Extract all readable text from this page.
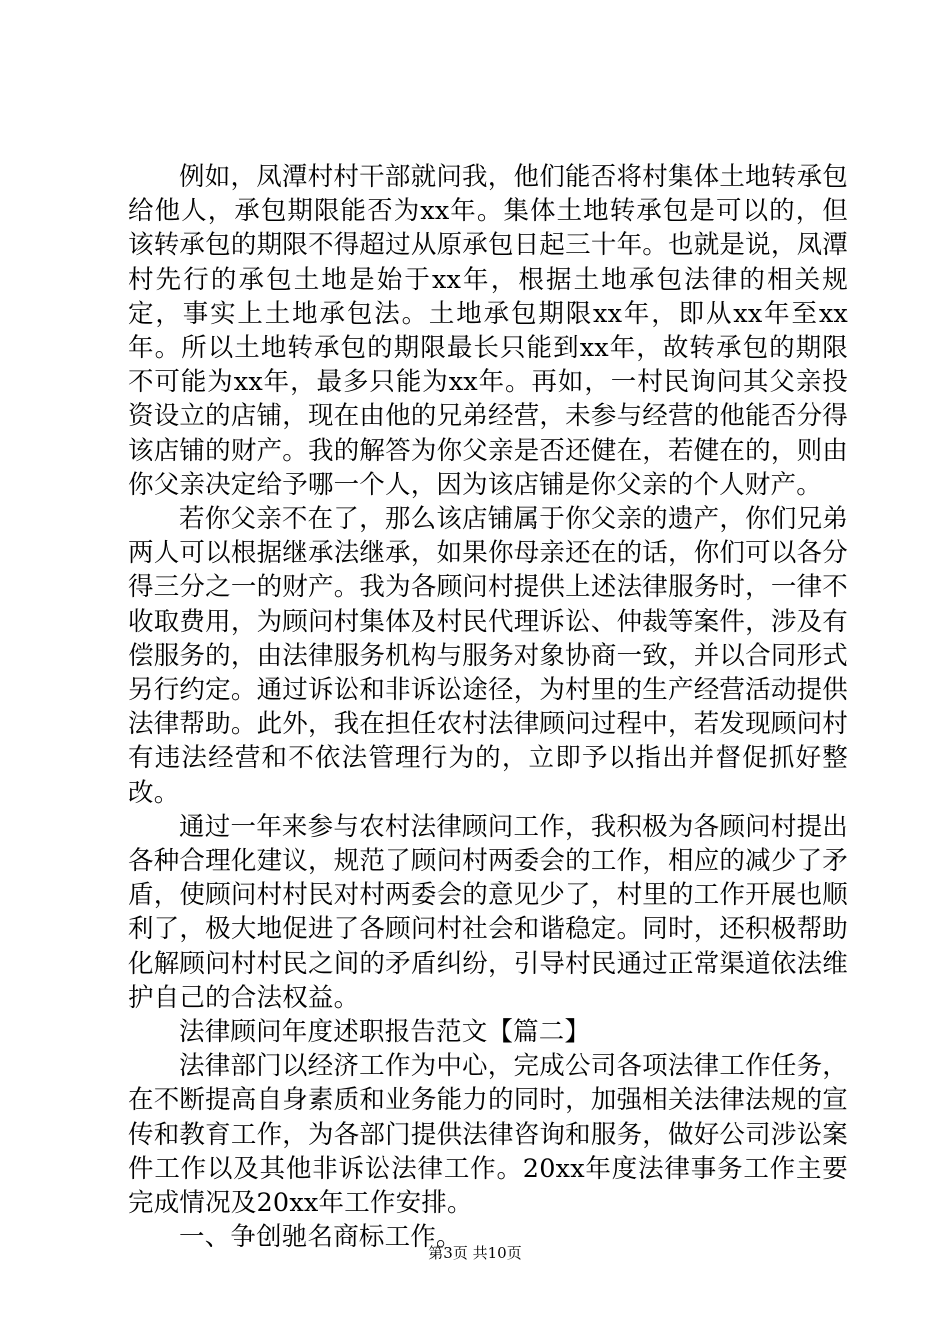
例如，凤潭村村干部就问我，他们能否将村集体土地转承包给他人，承包期限能否为xx年。集体土地转承包是可以的，但该转承包的期限不得超过从原承包日起三十年。也就是说，凤潭村先行的承包土地是始于xx年，根据土地承包法律的相关规定，事实上土地承包法。土地承包期限xx年，即从xx年至xx年。所以土地转承包的期限最长只能到xx年，故转承包的期限不可能为xx年，最多只能为xx年。再如，一村民询问其父亲投资设立的店铺，现在由他的兄弟经营，未参与经营的他能否分得该店铺的财产。我的解答为你父亲是否还健在，若健在的，则由你父亲决定给予哪一个人，因为该店铺是你父亲的个人财产。

若你父亲不在了，那么该店铺属于你父亲的遗产，你们兄弟两人可以根据继承法继承，如果你母亲还在的话，你们可以各分得三分之一的财产。我为各顾问村提供上述法律服务时，一律不收取费用，为顾问村集体及村民代理诉讼、仲裁等案件，涉及有偿服务的，由法律服务机构与服务对象协商一致，并以合同形式另行约定。通过诉讼和非诉讼途径，为村里的生产经营活动提供法律帮助。此外，我在担任农村法律顾问过程中，若发现顾问村有违法经营和不依法管理行为的，立即予以指出并督促抓好整改。

通过一年来参与农村法律顾问工作，我积极为各顾问村提出各种合理化建议，规范了顾问村两委会的工作，相应的减少了矛盾，使顾问村村民对村两委会的意见少了，村里的工作开展也顺利了，极大地促进了各顾问村社会和谐稳定。同时，还积极帮助化解顾问村村民之间的矛盾纠纷，引导村民通过正常渠道依法维护自己的合法权益。

法律顾问年度述职报告范文【篇二】

法律部门以经济工作为中心，完成公司各项法律工作任务，在不断提高自身素质和业务能力的同时，加强相关法律法规的宣传和教育工作，为各部门提供法律咨询和服务，做好公司涉讼案件工作以及其他非诉讼法律工作。20xx年度法律事务工作主要完成情况及20xx年工作安排。

一、争创驰名商标工作。

第3页 共10页
